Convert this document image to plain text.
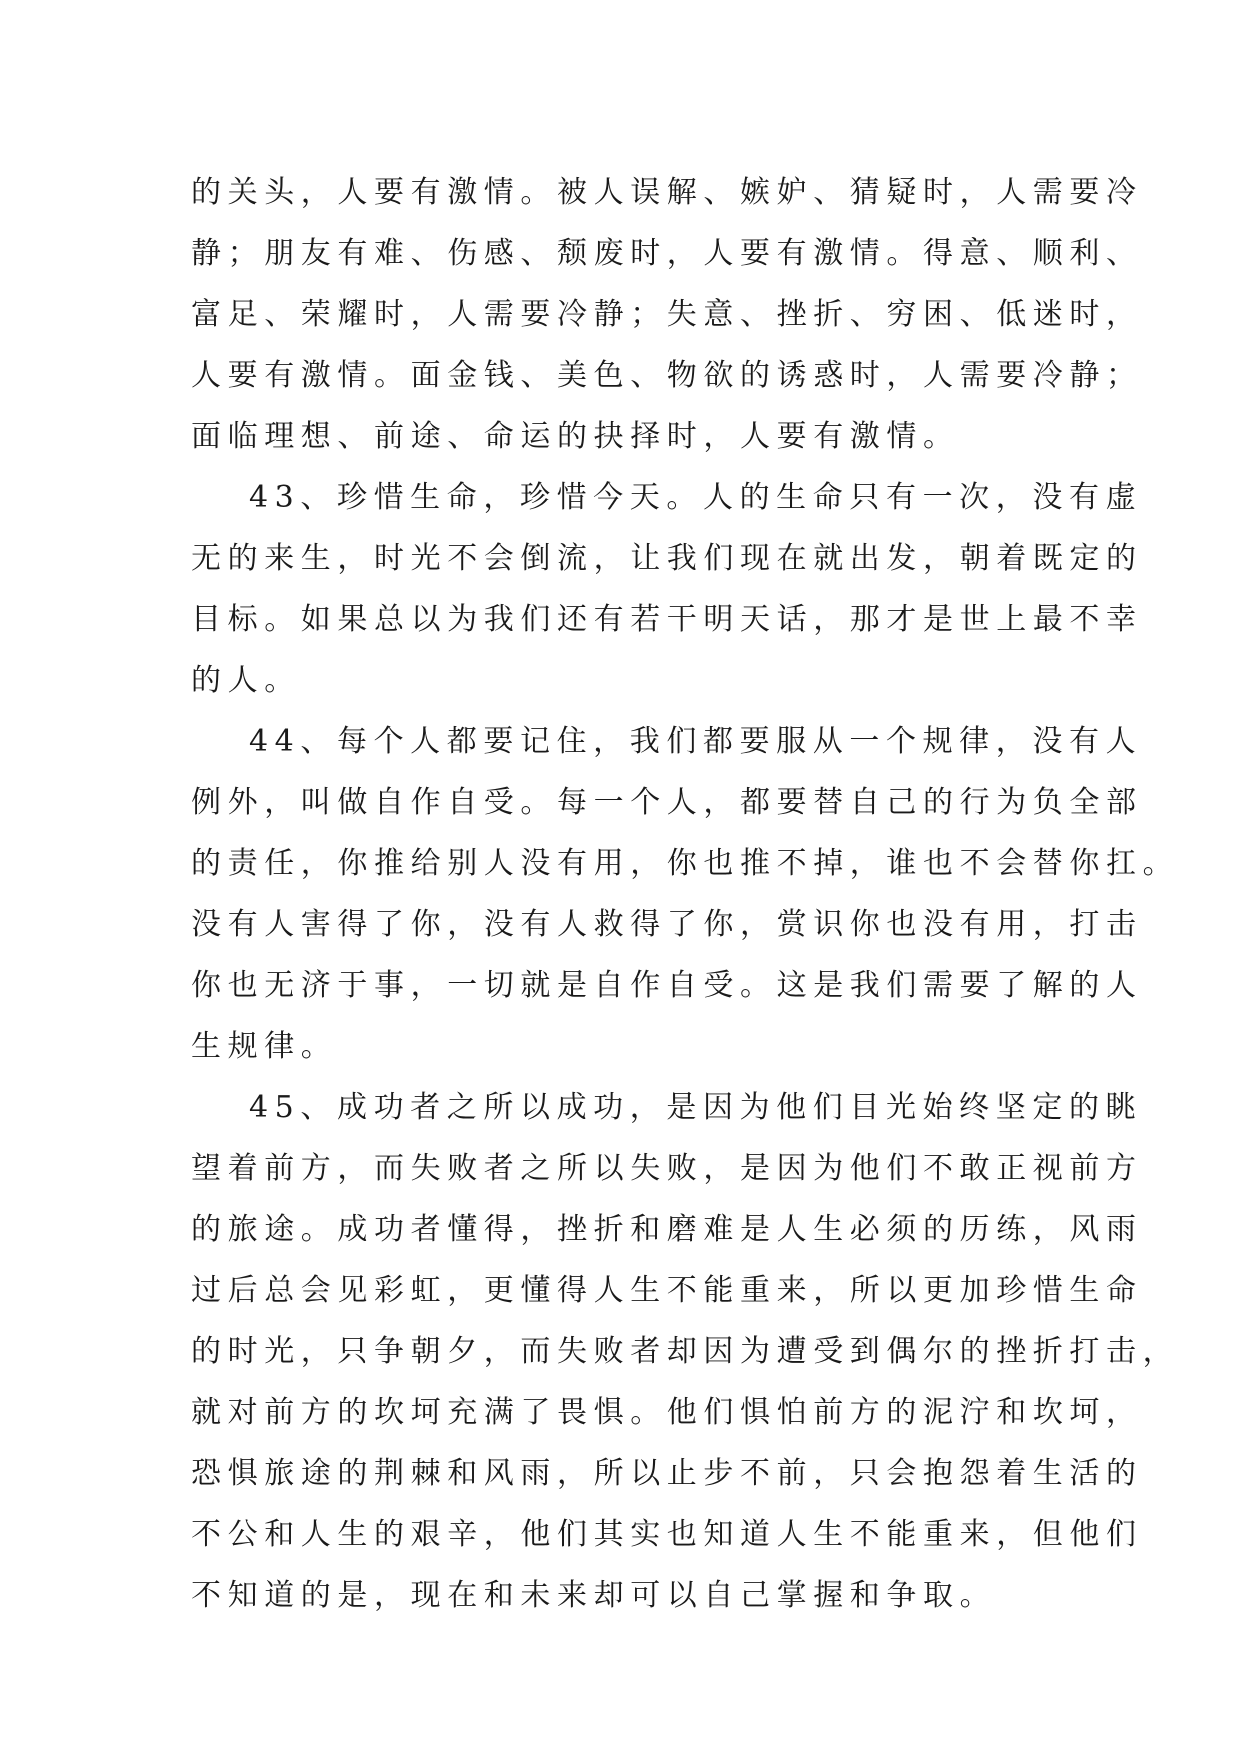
的关头，人要有激情。被人误解、嫉妒、猜疑时，人需要冷
静；朋友有难、伤感、颓废时，人要有激情。得意、顺利、
富足、荣耀时，人需要冷静；失意、挫折、穷困、低迷时，
人要有激情。面金钱、美色、物欲的诱惑时，人需要冷静；
面临理想、前途、命运的抉择时，人要有激情。
43、珍惜生命，珍惜今天。人的生命只有一次，没有虚
无的来生，时光不会倒流，让我们现在就出发，朝着既定的
目标。如果总以为我们还有若干明天话，那才是世上最不幸
的人。
44、每个人都要记住，我们都要服从一个规律，没有人
例外，叫做自作自受。每一个人，都要替自己的行为负全部
的责任，你推给别人没有用，你也推不掉，谁也不会替你扛。
没有人害得了你，没有人救得了你，赏识你也没有用，打击
你也无济于事，一切就是自作自受。这是我们需要了解的人
生规律。
45、成功者之所以成功，是因为他们目光始终坚定的眺
望着前方，而失败者之所以失败，是因为他们不敢正视前方
的旅途。成功者懂得，挫折和磨难是人生必须的历练，风雨
过后总会见彩虹，更懂得人生不能重来，所以更加珍惜生命
的时光，只争朝夕，而失败者却因为遭受到偶尔的挫折打击，
就对前方的坎坷充满了畏惧。他们惧怕前方的泥泞和坎坷，
恐惧旅途的荆棘和风雨，所以止步不前，只会抱怨着生活的
不公和人生的艰辛，他们其实也知道人生不能重来，但他们
不知道的是，现在和未来却可以自己掌握和争取。
